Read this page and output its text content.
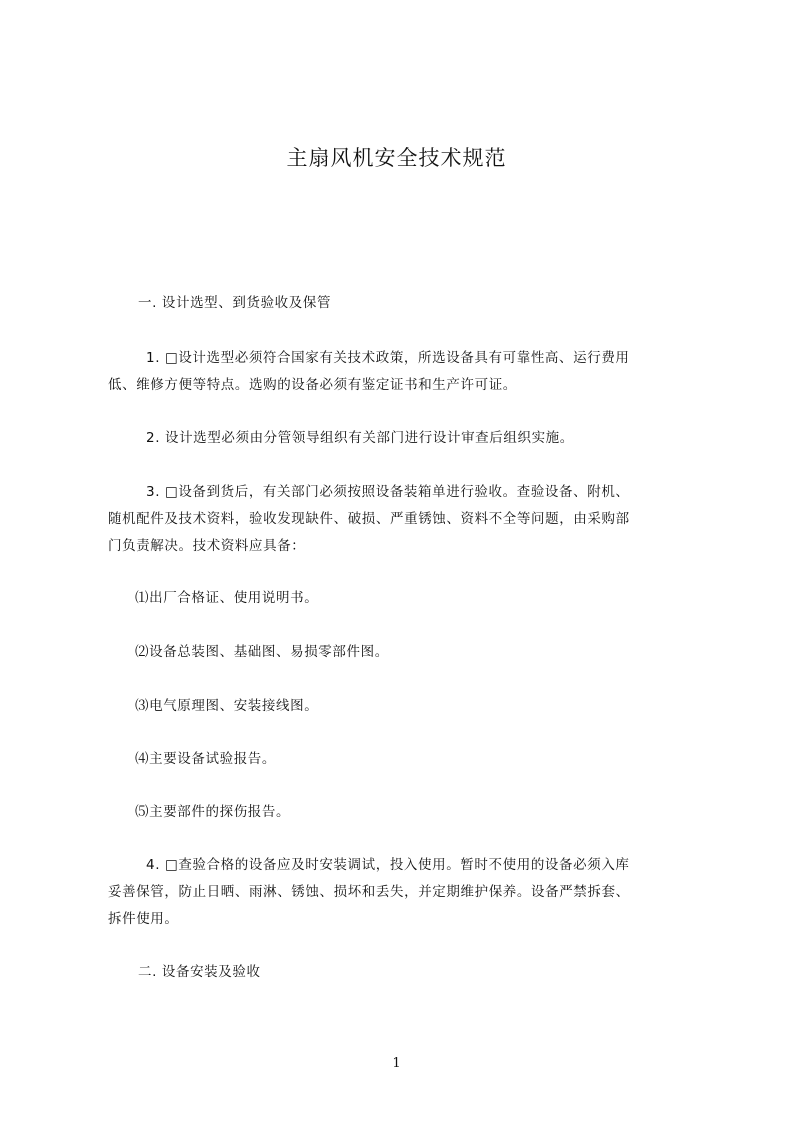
主扇风机安全技术规范
一. 设计选型、到货验收及保管
1. □设计选型必须符合国家有关技术政策，所选设备具有可靠性高、运行费用
低、维修方便等特点。选购的设备必须有鉴定证书和生产许可证。
2. 设计选型必须由分管领导组织有关部门进行设计审查后组织实施。
3. □设备到货后，有关部门必须按照设备装箱单进行验收。查验设备、附机、
随机配件及技术资料，验收发现缺件、破损、严重锈蚀、资料不全等问题，由采购部
门负责解决。技术资料应具备：
⑴出厂合格证、使用说明书。
⑵设备总装图、基础图、易损零部件图。
⑶电气原理图、安装接线图。
⑷主要设备试验报告。
⑸主要部件的探伤报告。
4. □查验合格的设备应及时安装调试，投入使用。暂时不使用的设备必须入库
妥善保管，防止日晒、雨淋、锈蚀、损坏和丢失，并定期维护保养。设备严禁拆套、
拆件使用。
二. 设备安装及验收
1
